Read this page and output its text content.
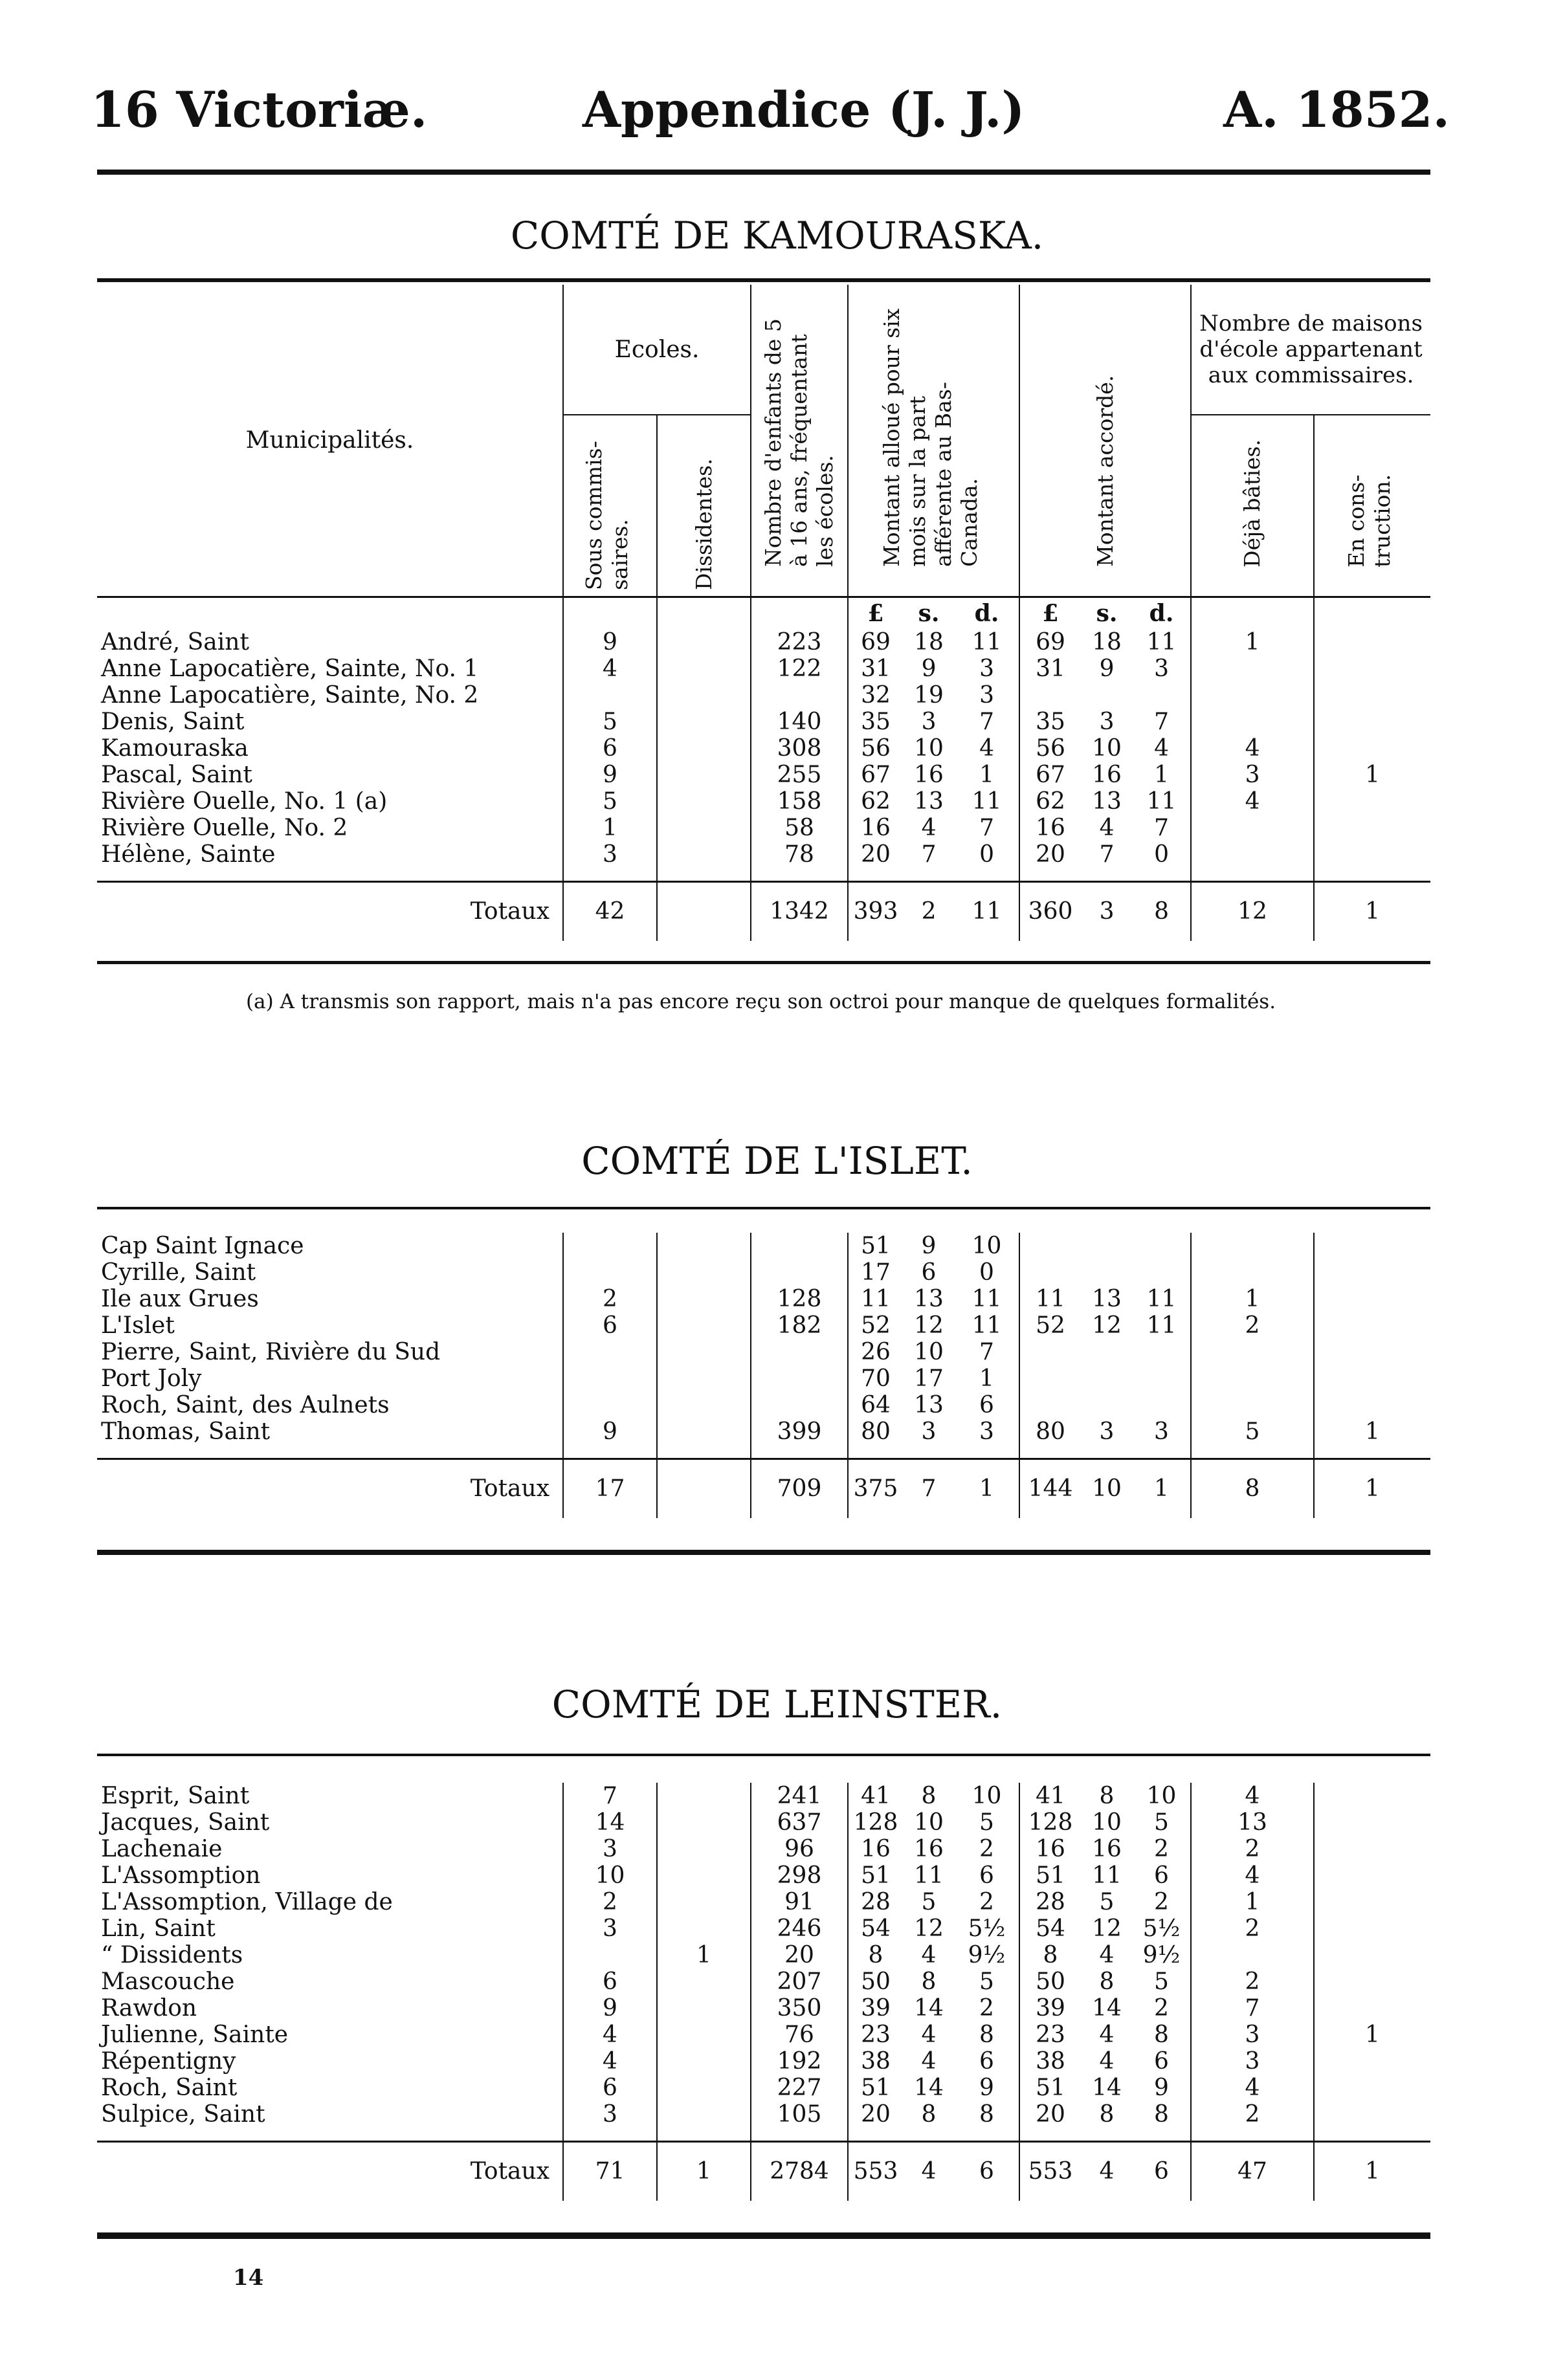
16 Victoriæ.	Appendice (J. J.)	A. 1852.
COMTÉ DE KAMOURASKA.
Municipalités.	Ecoles.		Nombre d'enfants de 5 à 16 ans, fréquentant les écoles.	Montant alloué pour six mois sur la part afférente au Bas-Canada.			Montant accordé.			Nombre de maisons d'école appartenant aux commissaires.	
	Sous commis-saires.	Dissidentes.								Déjà bâties.	En cons-truction.
				£	s.	d.	£	s.	d.		
André, Saint	9		223	69	18	11	69	18	11	1	
Anne Lapocatière, Sainte, No. 1	4		122	31	9	3	31	9	3		
Anne Lapocatière, Sainte, No. 2				32	19	3					
Denis, Saint	5		140	35	3	7	35	3	7		
Kamouraska	6		308	56	10	4	56	10	4	4	
Pascal, Saint	9		255	67	16	1	67	16	1	3	1
Rivière Ouelle, No. 1 (a)	5		158	62	13	11	62	13	11	4	
Rivière Ouelle, No. 2	1		58	16	4	7	16	4	7		
Hélène, Sainte	3		78	20	7	0	20	7	0		

Totaux	42		1342	393	2	11	360	3	8	12	1
(a) A transmis son rapport, mais n'a pas encore reçu son octroi pour manque de quelques formalités.
COMTÉ DE L'ISLET.
Cap Saint Ignace				51	9	10					
Cyrille, Saint				17	6	0					
Ile aux Grues	2		128	11	13	11	11	13	11	1	
L'Islet	6		182	52	12	11	52	12	11	2	
Pierre, Saint, Rivière du Sud				26	10	7					
Port Joly				70	17	1					
Roch, Saint, des Aulnets				64	13	6					
Thomas, Saint	9		399	80	3	3	80	3	3	5	1

Totaux	17		709	375	7	1	144	10	1	8	1
COMTÉ DE LEINSTER.
Esprit, Saint	7		241	41	8	10	41	8	10	4	
Jacques, Saint	14		637	128	10	5	128	10	5	13	
Lachenaie	3		96	16	16	2	16	16	2	2	
L'Assomption	10		298	51	11	6	51	11	6	4	
L'Assomption, Village de	2		91	28	5	2	28	5	2	1	
Lin, Saint	3		246	54	12	5½	54	12	5½	2	
“ Dissidents		1	20	8	4	9½	8	4	9½		
Mascouche	6		207	50	8	5	50	8	5	2	
Rawdon	9		350	39	14	2	39	14	2	7	
Julienne, Sainte	4		76	23	4	8	23	4	8	3	1
Répentigny	4		192	38	4	6	38	4	6	3	
Roch, Saint	6		227	51	14	9	51	14	9	4	
Sulpice, Saint	3		105	20	8	8	20	8	8	2	

Totaux	71	1	2784	553	4	6	553	4	6	47	1
14
